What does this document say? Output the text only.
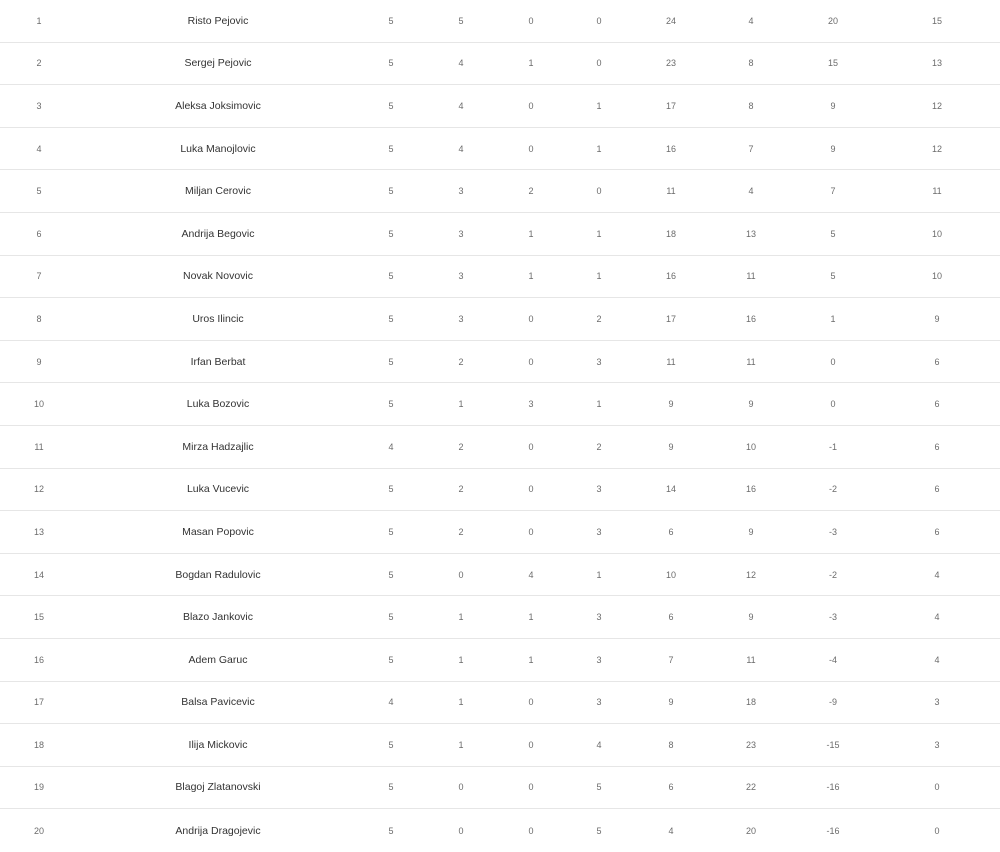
1	Risto Pejovic	5	5	0	0	24	4	20	15
2	Sergej Pejovic	5	4	1	0	23	8	15	13
3	Aleksa Joksimovic	5	4	0	1	17	8	9	12
4	Luka Manojlovic	5	4	0	1	16	7	9	12
5	Miljan Cerovic	5	3	2	0	11	4	7	11
6	Andrija Begovic	5	3	1	1	18	13	5	10
7	Novak Novovic	5	3	1	1	16	11	5	10
8	Uros Ilincic	5	3	0	2	17	16	1	9
9	Irfan Berbat	5	2	0	3	11	11	0	6
10	Luka Bozovic	5	1	3	1	9	9	0	6
11	Mirza Hadzajlic	4	2	0	2	9	10	-1	6
12	Luka Vucevic	5	2	0	3	14	16	-2	6
13	Masan Popovic	5	2	0	3	6	9	-3	6
14	Bogdan Radulovic	5	0	4	1	10	12	-2	4
15	Blazo Jankovic	5	1	1	3	6	9	-3	4
16	Adem Garuc	5	1	1	3	7	11	-4	4
17	Balsa Pavicevic	4	1	0	3	9	18	-9	3
18	Ilija Mickovic	5	1	0	4	8	23	-15	3
19	Blagoj Zlatanovski	5	0	0	5	6	22	-16	0
20	Andrija Dragojevic	5	0	0	5	4	20	-16	0
